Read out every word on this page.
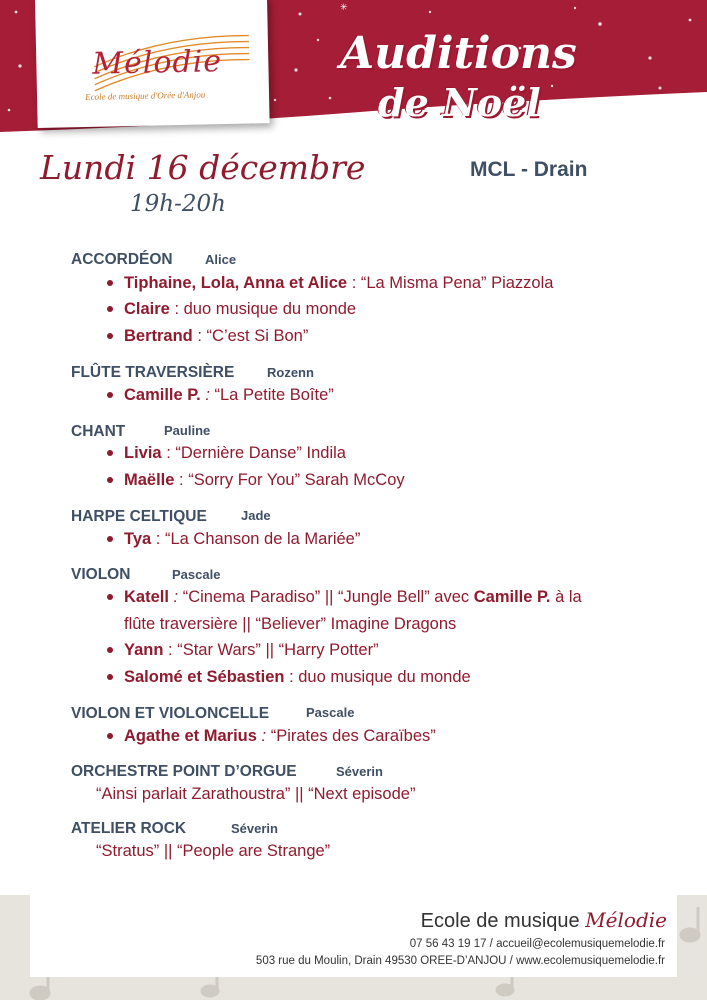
✳
Mélodie
Ecole de musique d'Orée d'Anjou
Auditions
de Noël
Lundi 16 décembre
19h-20h
MCL - Drain
ACCORDÉON Alice
Tiphaine, Lola, Anna et Alice : “La Misma Pena” Piazzola
Claire : duo musique du monde
Bertrand : “C’est Si Bon”
FLÛTE TRAVERSIÈRE	Rozenn
Camille P. : “La Petite Boîte”
CHANT	Pauline
Livia : “Dernière Danse” Indila
Maëlle : “Sorry For You” Sarah McCoy
HARPE CELTIQUE	Jade
Tya : “La Chanson de la Mariée”
VIOLON	Pascale
Katell : “Cinema Paradiso” || “Jungle Bell” avec Camille P. à la
flûte traversière || “Believer” Imagine Dragons
Yann : “Star Wars” || “Harry Potter”
Salomé et Sébastien : duo musique du monde
VIOLON ET VIOLONCELLE	Pascale
Agathe et Marius : “Pirates des Caraïbes”
ORCHESTRE POINT D’ORGUE	Séverin
“Ainsi parlait Zarathoustra” || “Next episode”
ATELIER ROCK	Séverin
“Stratus” || “People are Strange”
Ecole de musique Mélodie
07 56 43 19 17 / accueil@ecolemusiquemelodie.fr
503 rue du Moulin, Drain 49530 OREE-D’ANJOU / www.ecolemusiquemelodie.fr
